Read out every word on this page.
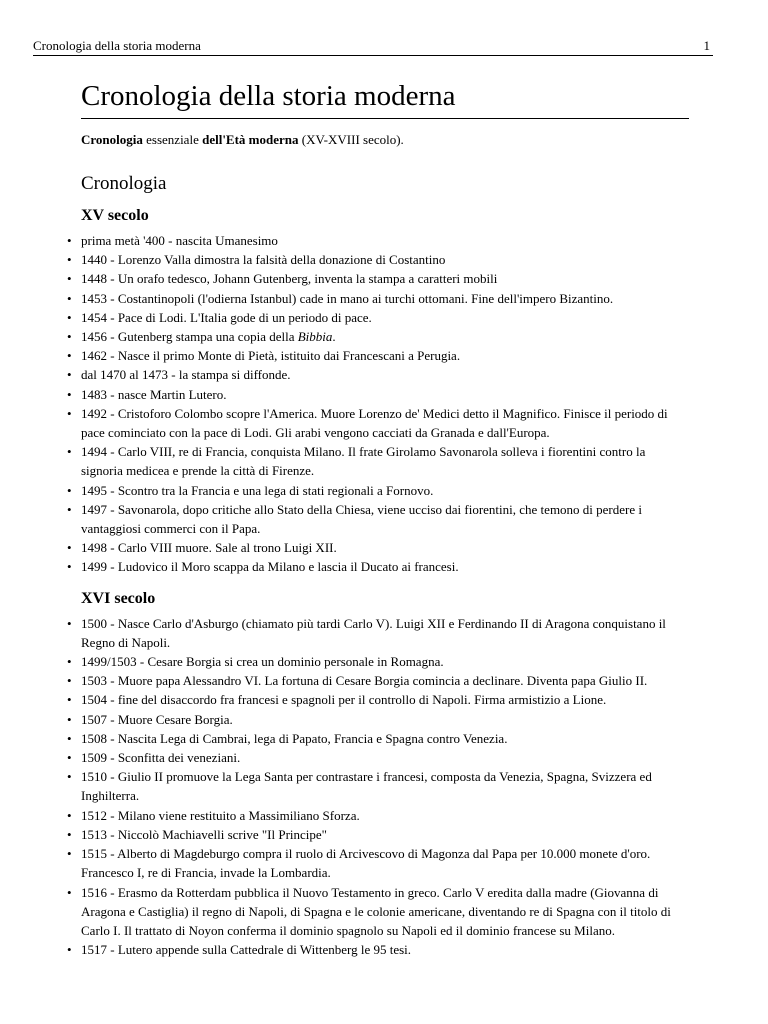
Cronologia della storia moderna	1

Cronologia della storia moderna

Cronologia essenziale dell'Età moderna (XV-XVIII secolo).

Cronologia
XV secolo
• prima metà '400 - nascita Umanesimo
• 1440 - Lorenzo Valla dimostra la falsità della donazione di Costantino
• 1448 - Un orafo tedesco, Johann Gutenberg, inventa la stampa a caratteri mobili
• 1453 - Costantinopoli (l'odierna Istanbul) cade in mano ai turchi ottomani. Fine dell'impero Bizantino.
• 1454 - Pace di Lodi. L'Italia gode di un periodo di pace.
• 1456 - Gutenberg stampa una copia della Bibbia.
• 1462 - Nasce il primo Monte di Pietà, istituito dai Francescani a Perugia.
• dal 1470 al 1473 - la stampa si diffonde.
• 1483 - nasce Martin Lutero.
• 1492 - Cristoforo Colombo scopre l'America. Muore Lorenzo de' Medici detto il Magnifico. Finisce il periodo di pace cominciato con la pace di Lodi. Gli arabi vengono cacciati da Granada e dall'Europa.
• 1494 - Carlo VIII, re di Francia, conquista Milano. Il frate Girolamo Savonarola solleva i fiorentini contro la signoria medicea e prende la città di Firenze.
• 1495 - Scontro tra la Francia e una lega di stati regionali a Fornovo.
• 1497 - Savonarola, dopo critiche allo Stato della Chiesa, viene ucciso dai fiorentini, che temono di perdere i vantaggiosi commerci con il Papa.
• 1498 - Carlo VIII muore. Sale al trono Luigi XII.
• 1499 - Ludovico il Moro scappa da Milano e lascia il Ducato ai francesi.
XVI secolo
• 1500 - Nasce Carlo d'Asburgo (chiamato più tardi Carlo V). Luigi XII e Ferdinando II di Aragona conquistano il Regno di Napoli.
• 1499/1503 - Cesare Borgia si crea un dominio personale in Romagna.
• 1503 - Muore papa Alessandro VI. La fortuna di Cesare Borgia comincia a declinare. Diventa papa Giulio II.
• 1504 - fine del disaccordo fra francesi e spagnoli per il controllo di Napoli. Firma armistizio a Lione.
• 1507 - Muore Cesare Borgia.
• 1508 - Nascita Lega di Cambrai, lega di Papato, Francia e Spagna contro Venezia.
• 1509 - Sconfitta dei veneziani.
• 1510 - Giulio II promuove la Lega Santa per contrastare i francesi, composta da Venezia, Spagna, Svizzera ed Inghilterra.
• 1512 - Milano viene restituito a Massimiliano Sforza.
• 1513 - Niccolò Machiavelli scrive "Il Principe"
• 1515 - Alberto di Magdeburgo compra il ruolo di Arcivescovo di Magonza dal Papa per 10.000 monete d'oro. Francesco I, re di Francia, invade la Lombardia.
• 1516 - Erasmo da Rotterdam pubblica il Nuovo Testamento in greco. Carlo V eredita dalla madre (Giovanna di Aragona e Castiglia) il regno di Napoli, di Spagna e le colonie americane, diventando re di Spagna con il titolo di Carlo I. Il trattato di Noyon conferma il dominio spagnolo su Napoli ed il dominio francese su Milano.
• 1517 - Lutero appende sulla Cattedrale di Wittenberg le 95 tesi.
